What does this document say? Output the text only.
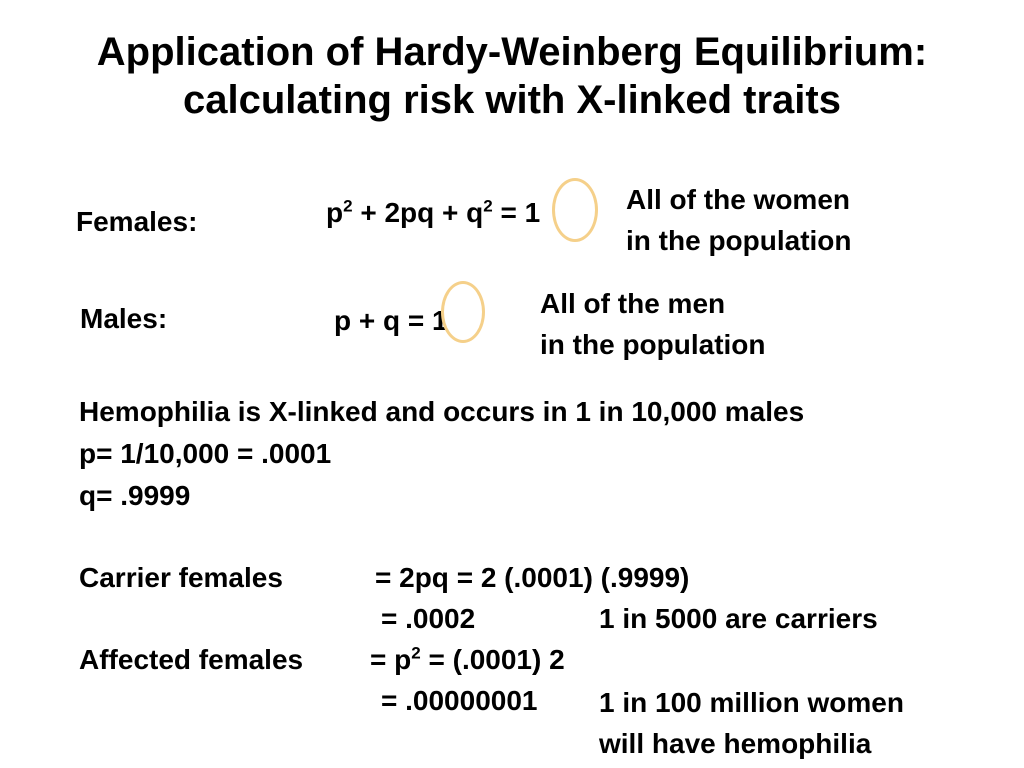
Application of Hardy-Weinberg Equilibrium:
calculating risk with X-linked traits
Females:	$p^2 + 2pq + q^2 = 1$	All of the women
in the population
Males:	p + q = 1
All of the men
in the population
Hemophilia is X-linked and occurs in 1 in 10,000 males
p= 1/10,000 = .0001
q= .9999
Carrier females	= 2pq = 2 (.0001) (.9999)
= .0002	1 in 5000 are carriers
Affected females = $p^2 = (.0001)$ 2
= .00000001 1 in 100 million women
will have hemophilia
